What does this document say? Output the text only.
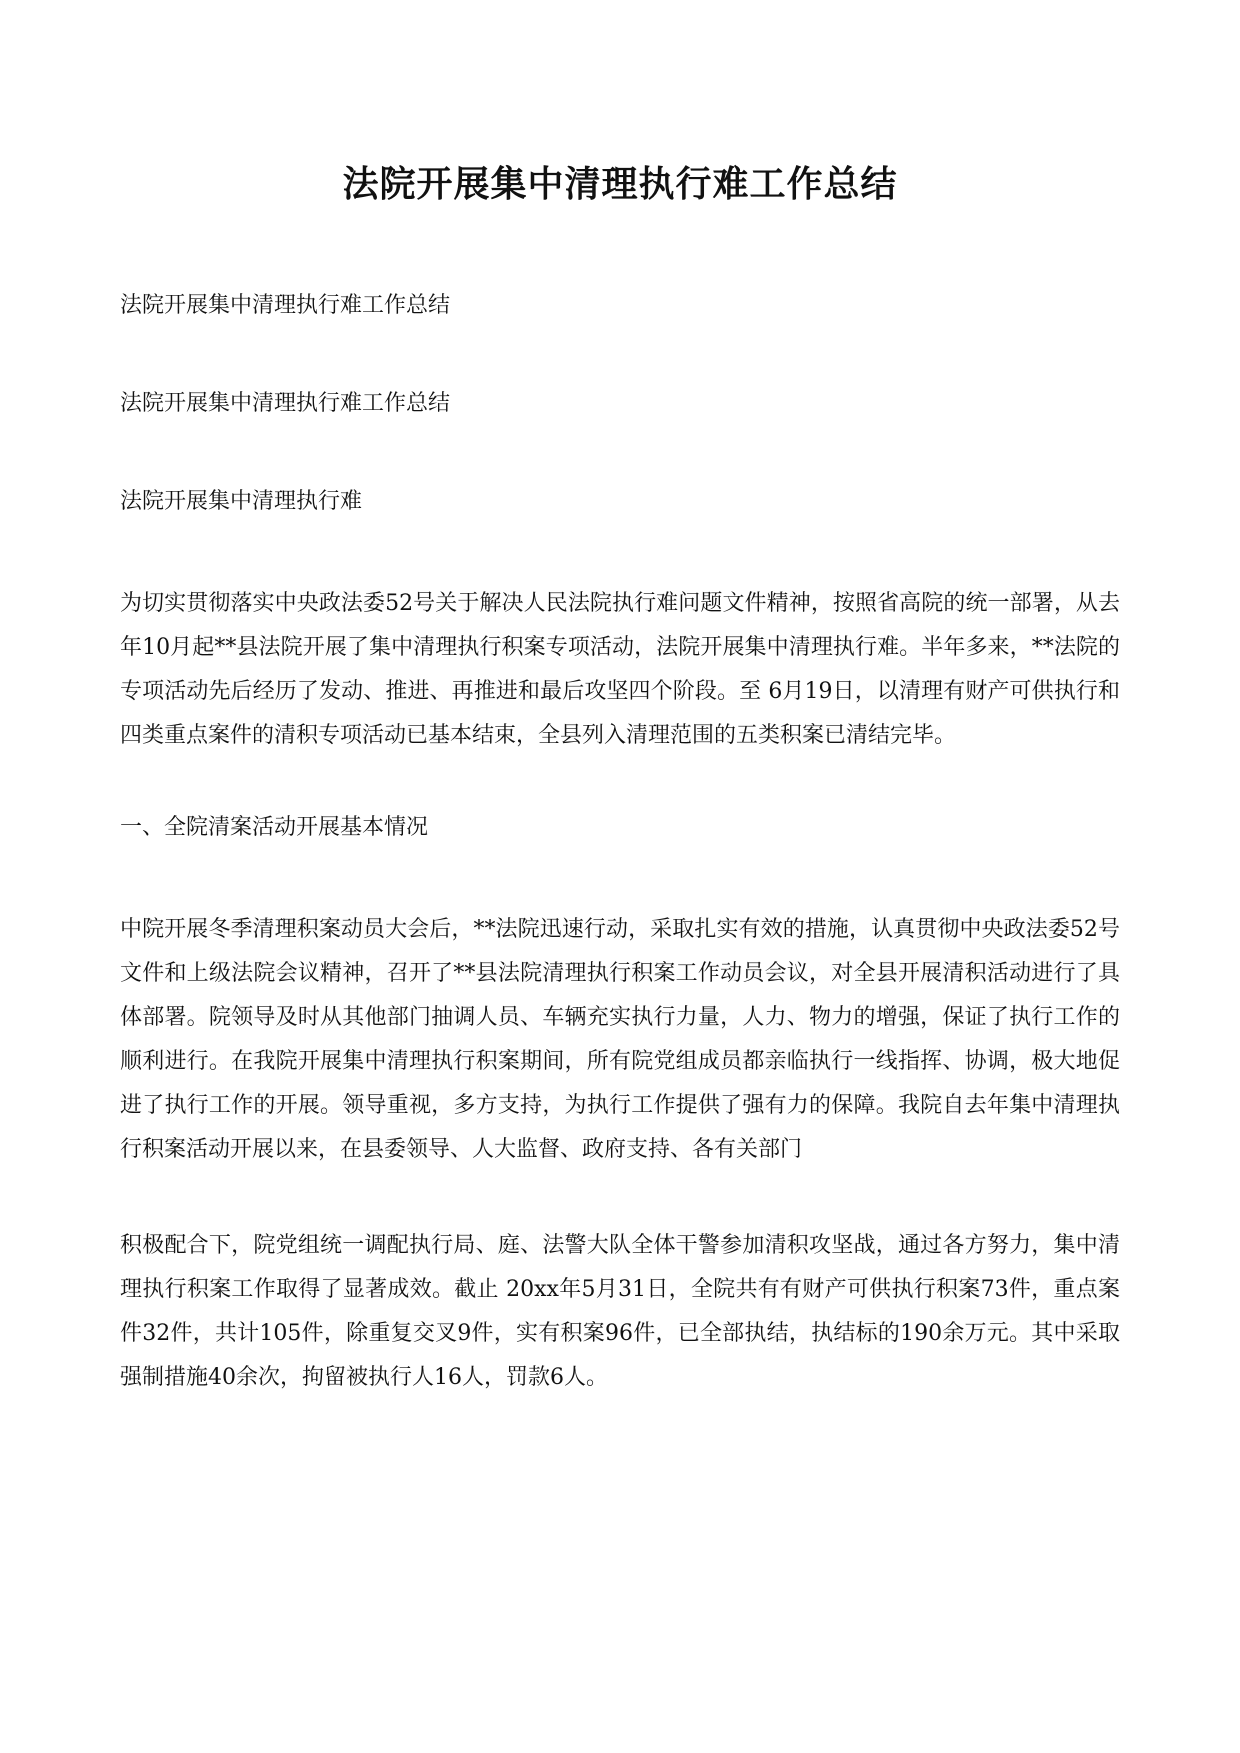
法院开展集中清理执行难工作总结

法院开展集中清理执行难工作总结

法院开展集中清理执行难工作总结

法院开展集中清理执行难

为切实贯彻落实中央政法委52号关于解决人民法院执行难问题文件精神，按照省高院的统一部署，从去年10月起**县法院开展了集中清理执行积案专项活动，法院开展集中清理执行难。半年多来，**法院的专项活动先后经历了发动、推进、再推进和最后攻坚四个阶段。至 6月19日，以清理有财产可供执行和四类重点案件的清积专项活动已基本结束，全县列入清理范围的五类积案已清结完毕。

一、全院清案活动开展基本情况

中院开展冬季清理积案动员大会后，**法院迅速行动，采取扎实有效的措施，认真贯彻中央政法委52号文件和上级法院会议精神，召开了**县法院清理执行积案工作动员会议，对全县开展清积活动进行了具体部署。院领导及时从其他部门抽调人员、车辆充实执行力量，人力、物力的增强，保证了执行工作的顺利进行。在我院开展集中清理执行积案期间，所有院党组成员都亲临执行一线指挥、协调，极大地促进了执行工作的开展。领导重视，多方支持，为执行工作提供了强有力的保障。我院自去年集中清理执行积案活动开展以来，在县委领导、人大监督、政府支持、各有关部门

积极配合下，院党组统一调配执行局、庭、法警大队全体干警参加清积攻坚战，通过各方努力，集中清理执行积案工作取得了显著成效。截止 20xx年5月31日，全院共有有财产可供执行积案73件，重点案件32件，共计105件，除重复交叉9件，实有积案96件，已全部执结，执结标的190余万元。其中采取强制措施40余次，拘留被执行人16人，罚款6人。
